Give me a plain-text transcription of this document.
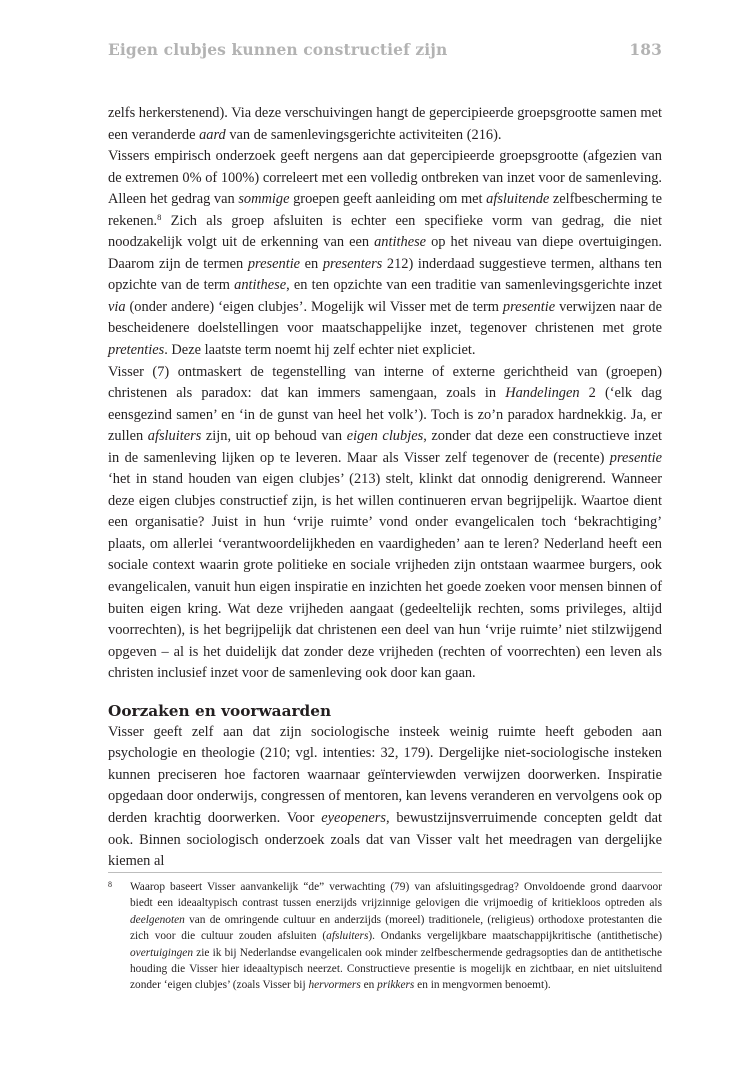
Eigen clubjes kunnen constructief zijn	183

zelfs herkerstenend). Via deze verschuivingen hangt de gepercipieerde groepsgrootte samen met een veranderde aard van de samenlevingsgerichte activiteiten (216).

Vissers empirisch onderzoek geeft nergens aan dat gepercipieerde groepsgrootte (afgezien van de extremen 0% of 100%) correleert met een volledig ontbreken van inzet voor de samenleving. Alleen het gedrag van sommige groepen geeft aanleiding om met afsluitende zelfbescherming te rekenen.$^8$ Zich als groep afsluiten is echter een specifieke vorm van gedrag, die niet noodzakelijk volgt uit de erkenning van een antithese op het niveau van diepe overtuigingen. Daarom zijn de termen presentie en presenters 212) inderdaad suggestieve termen, althans ten opzichte van de term antithese, en ten opzichte van een traditie van samenlevingsgerichte inzet via (onder andere) ‘eigen clubjes’. Mogelijk wil Visser met de term presentie verwijzen naar de bescheidenere doelstellingen voor maatschappelijke inzet, tegenover christenen met grote pretenties. Deze laatste term noemt hij zelf echter niet expliciet.

Visser (7) ontmaskert de tegenstelling van interne of externe gerichtheid van (groepen) christenen als paradox: dat kan immers samengaan, zoals in Handelingen 2 (‘elk dag eensgezind samen’ en ‘in de gunst van heel het volk’). Toch is zo’n paradox hardnekkig. Ja, er zullen afsluiters zijn, uit op behoud van eigen clubjes, zonder dat deze een constructieve inzet in de samenleving lijken op te leveren. Maar als Visser zelf tegenover de (recente) presentie ‘het in stand houden van eigen clubjes’ (213) stelt, klinkt dat onnodig denigrerend. Wanneer deze eigen clubjes constructief zijn, is het willen continueren ervan begrijpelijk. Waartoe dient een organisatie? Juist in hun ‘vrije ruimte’ vond onder evangelicalen toch ‘bekrachtiging’ plaats, om allerlei ‘verantwoordelijkheden en vaardigheden’ aan te leren? Nederland heeft een sociale context waarin grote politieke en sociale vrijheden zijn ontstaan waarmee burgers, ook evangelicalen, vanuit hun eigen inspiratie en inzichten het goede zoeken voor mensen binnen of buiten eigen kring. Wat deze vrijheden aangaat (gedeeltelijk rechten, soms privileges, altijd voorrechten), is het begrijpelijk dat christenen een deel van hun ‘vrije ruimte’ niet stilzwijgend opgeven – al is het duidelijk dat zonder deze vrijheden (rechten of voorrechten) een leven als christen inclusief inzet voor de samenleving ook door kan gaan.

Oorzaken en voorwaarden

Visser geeft zelf aan dat zijn sociologische insteek weinig ruimte heeft geboden aan psychologie en theologie (210; vgl. intenties: 32, 179). Dergelijke niet-sociologische insteken kunnen preciseren hoe factoren waarnaar geïnterviewden verwijzen doorwerken. Inspiratie opgedaan door onderwijs, congressen of mentoren, kan levens veranderen en vervolgens ook op derden krachtig doorwerken. Voor eyeopeners, bewustzijnsverruimende concepten geldt dat ook. Binnen sociologisch onderzoek zoals dat van Visser valt het meedragen van dergelijke kiemen al

8	Waarop baseert Visser aanvankelijk “de” verwachting (79) van afsluitingsgedrag? Onvoldoende grond daarvoor biedt een ideaaltypisch contrast tussen enerzijds vrijzinnige gelovigen die vrijmoedig of kritiekloos optreden als deelgenoten van de omringende cultuur en anderzijds (moreel) traditionele, (religieus) orthodoxe protestanten die zich voor die cultuur zouden afsluiten (afsluiters). Ondanks vergelijkbare maatschappijkritische (antithetische) overtuigingen zie ik bij Nederlandse evangelicalen ook minder zelfbeschermende gedragsopties dan de antithetische houding die Visser hier ideaaltypisch neerzet. Constructieve presentie is mogelijk en zichtbaar, en niet uitsluitend zonder ‘eigen clubjes’ (zoals Visser bij hervormers en prikkers en in mengvormen benoemt).
